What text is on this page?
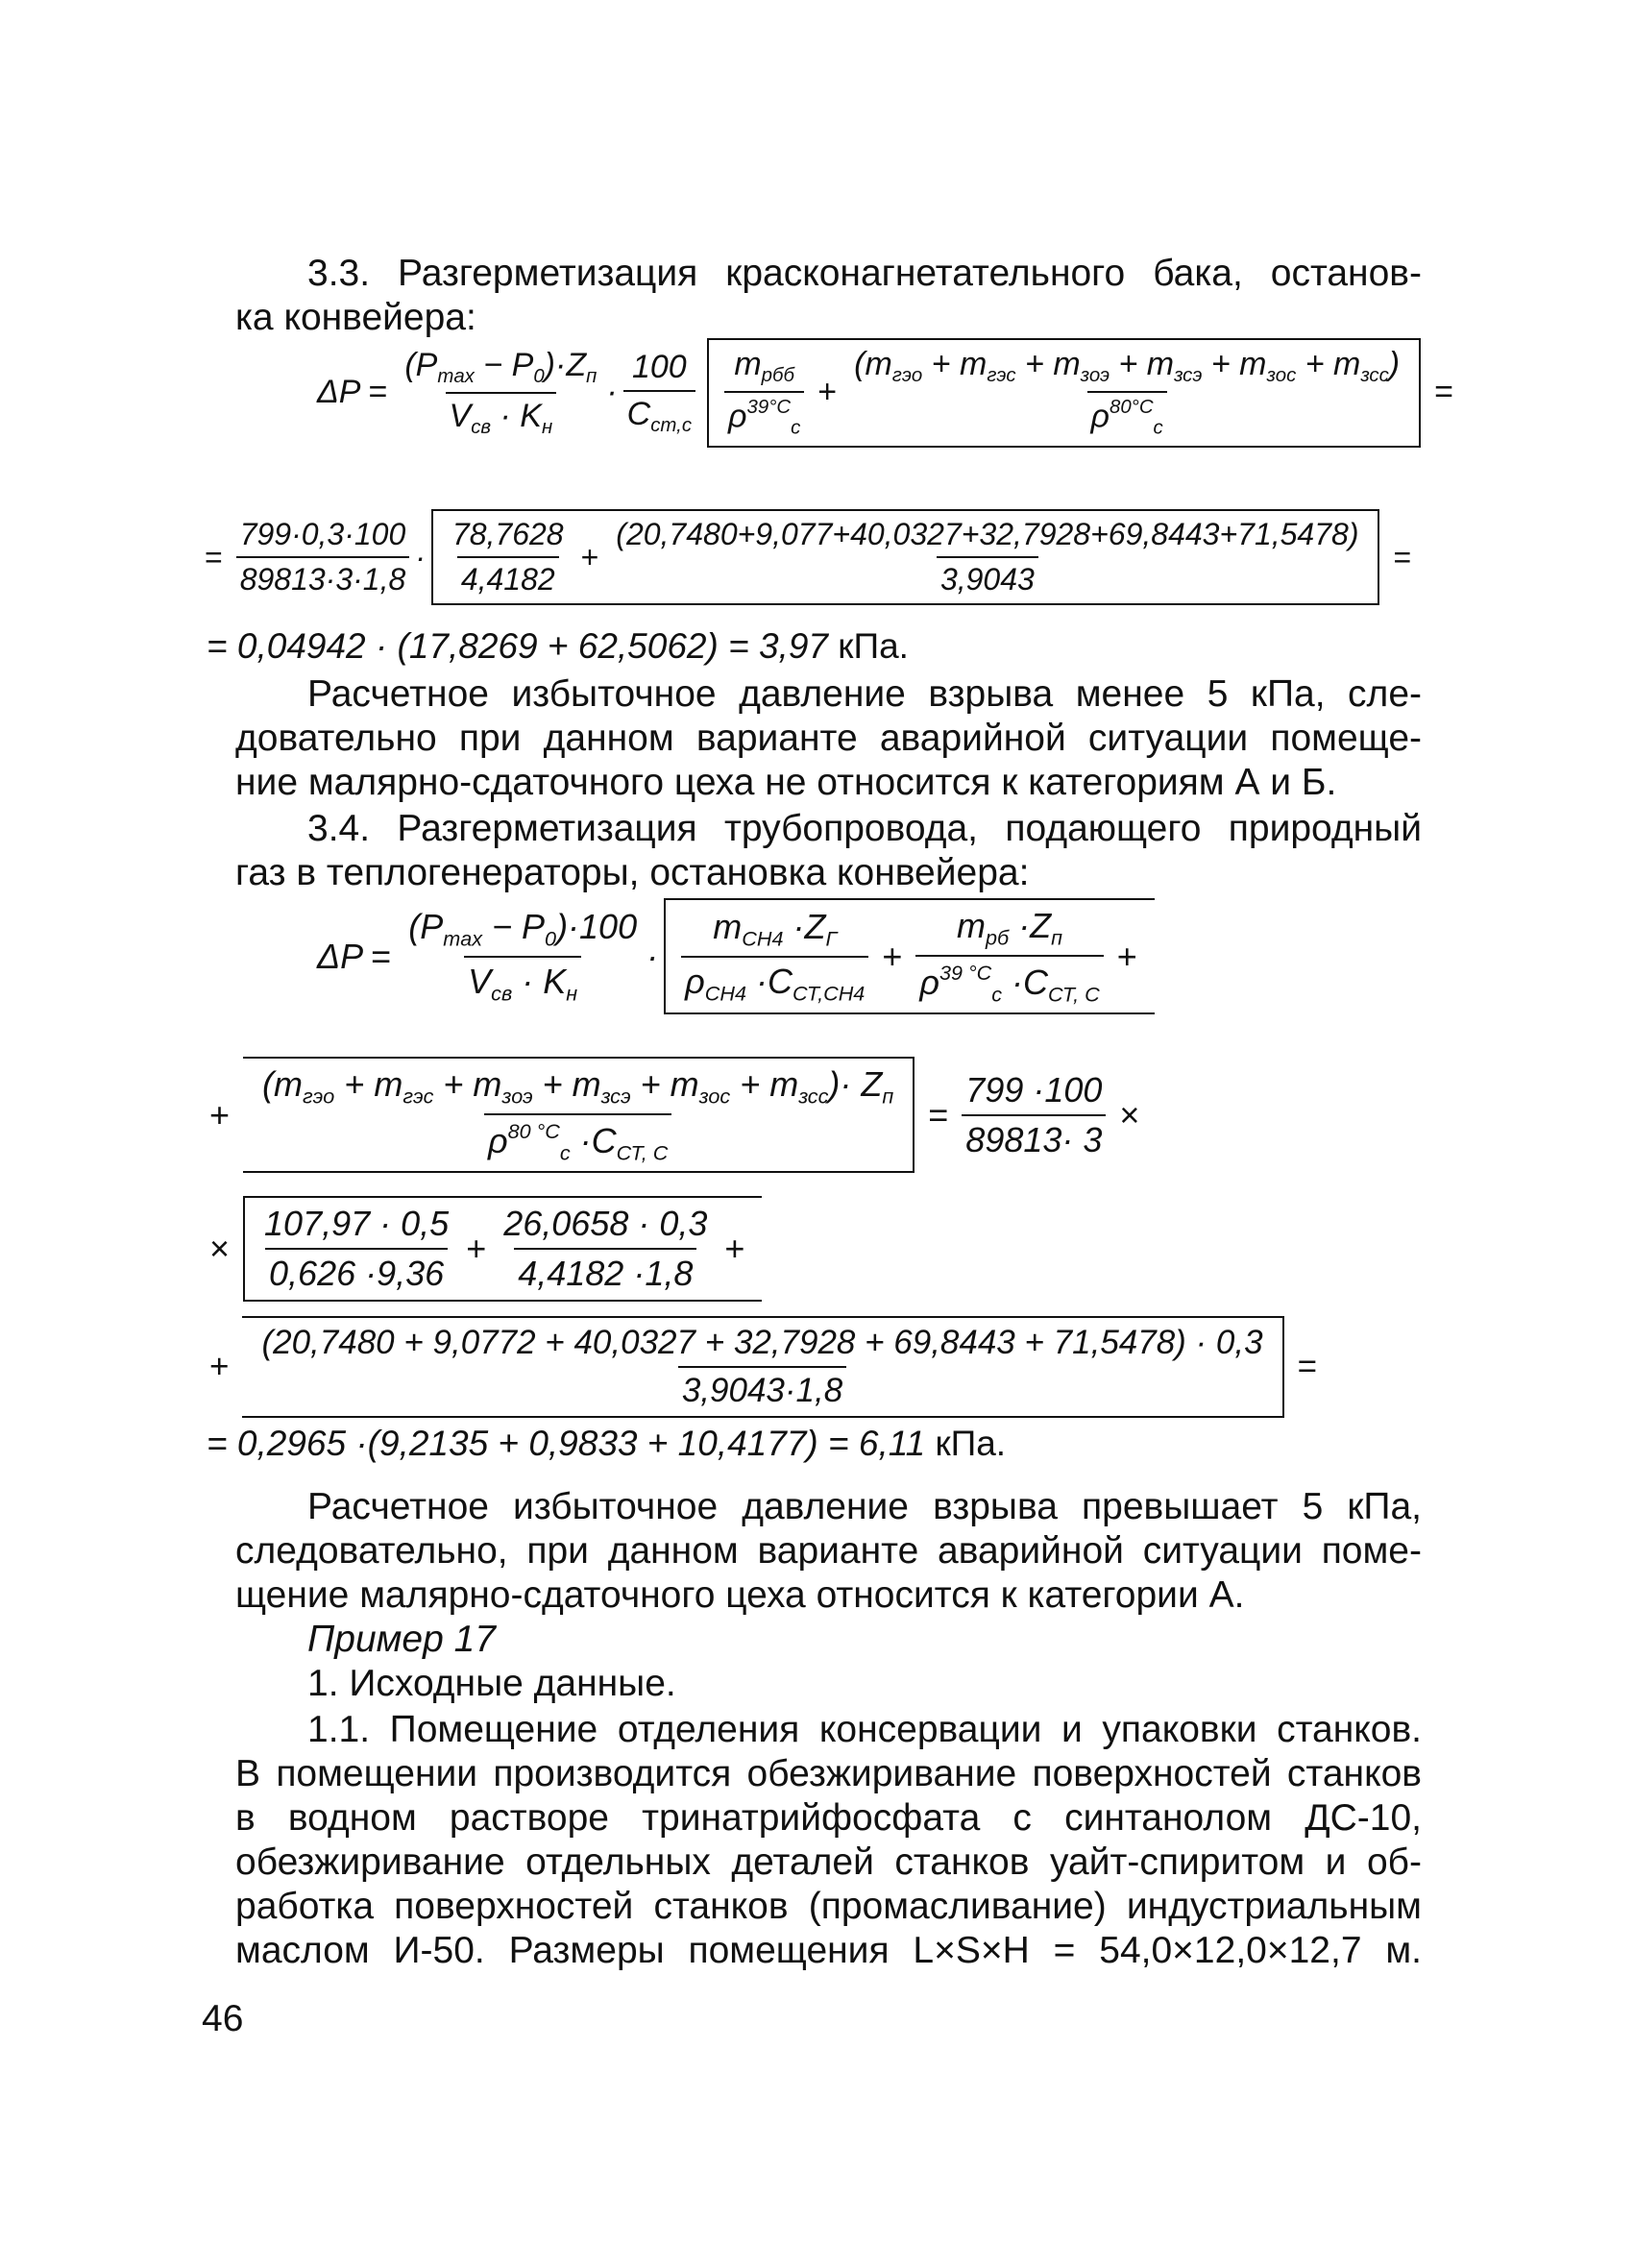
3.3. Разгерметизация красконагнетательного бака, останов-

ка конвейера:

$\Delta P = \frac{(P_{max} - P_0)\cdot Z_п}{V_{св} \cdot K_н} \cdot \frac{100}{C_{ст,с}} \frac{m_{рбб}}{\rho^{39^\circ С}_с} + \frac{(m_{гэо} + m_{гэс} + m_{зоэ} + m_{зсэ} + m_{зос} + m_{зсс})}{\rho^{80^\circ С}_с}$ =
= $\frac{799\cdot 0,3\cdot 100}{89813\cdot 3\cdot 1,8} \cdot \frac{78,7628}{4,4182} + \frac{(20,7480+9,077+40,0327+32,7928+69,8443+71,5478)}{3,9043}$ =
= 0,04942 · (17,8269 + 62,5062) = 3,97
кПа.

Расчетное избыточное давление взрыва менее 5 кПа, сле-

довательно при данном варианте аварийной ситуации помеще-

ние малярно-сдаточного цеха не относится к категориям А и Б.

3.4. Разгерметизация трубопровода, подающего природный

газ в теплогенераторы, остановка конвейера:

$\Delta P = \frac{(P_{max} - P_0)\cdot 100}{V_{св} \cdot K_н} \cdot \frac{m_{CH4} \cdot Z_Г}{\rho_{CH4} \cdot C_{СТ,CH4}} + \frac{m_{рб} \cdot Z_п}{\rho^{39 ^\circ C}_с \cdot C_{СТ, С}}$ +
+ $\frac{(m_{гэо} + m_{гэс} + m_{зоэ} + m_{зсэ} + m_{зос} + m_{зсс})\cdot Z_п}{\rho^{80 ^\circ C}_с \cdot C_{СТ, С}} = \frac{799 \cdot 100}{89813\cdot 3}$ ×
× $\frac{107,97 \cdot 0,5}{0,626 \cdot 9,36} + \frac{26,0658 \cdot 0,3}{4,4182 \cdot 1,8}$ +
+
(20,7480 + 9,0772 + 40,0327 + 32,7928 + 69,8443 + 71,5478) · 0,3
3,9043·1,8
=
= 0,2965 ·(9,2135 + 0,9833 + 10,4177) = 6,11
кПа.

Расчетное избыточное давление взрыва превышает 5 кПа,

следовательно, при данном варианте аварийной ситуации поме-

щение малярно-сдаточного цеха относится к категории А.

Пример 17

1. Исходные данные.

1.1. Помещение отделения консервации и упаковки станков.

В помещении производится обезжиривание поверхностей станков

в водном растворе тринатрийфосфата с синтанолом ДС-10,

обезжиривание отдельных деталей станков уайт-спиритом и об-

работка поверхностей станков (промасливание) индустриальным

маслом И-50. Размеры помещения L×S×H = 54,0×12,0×12,7 м.

46
